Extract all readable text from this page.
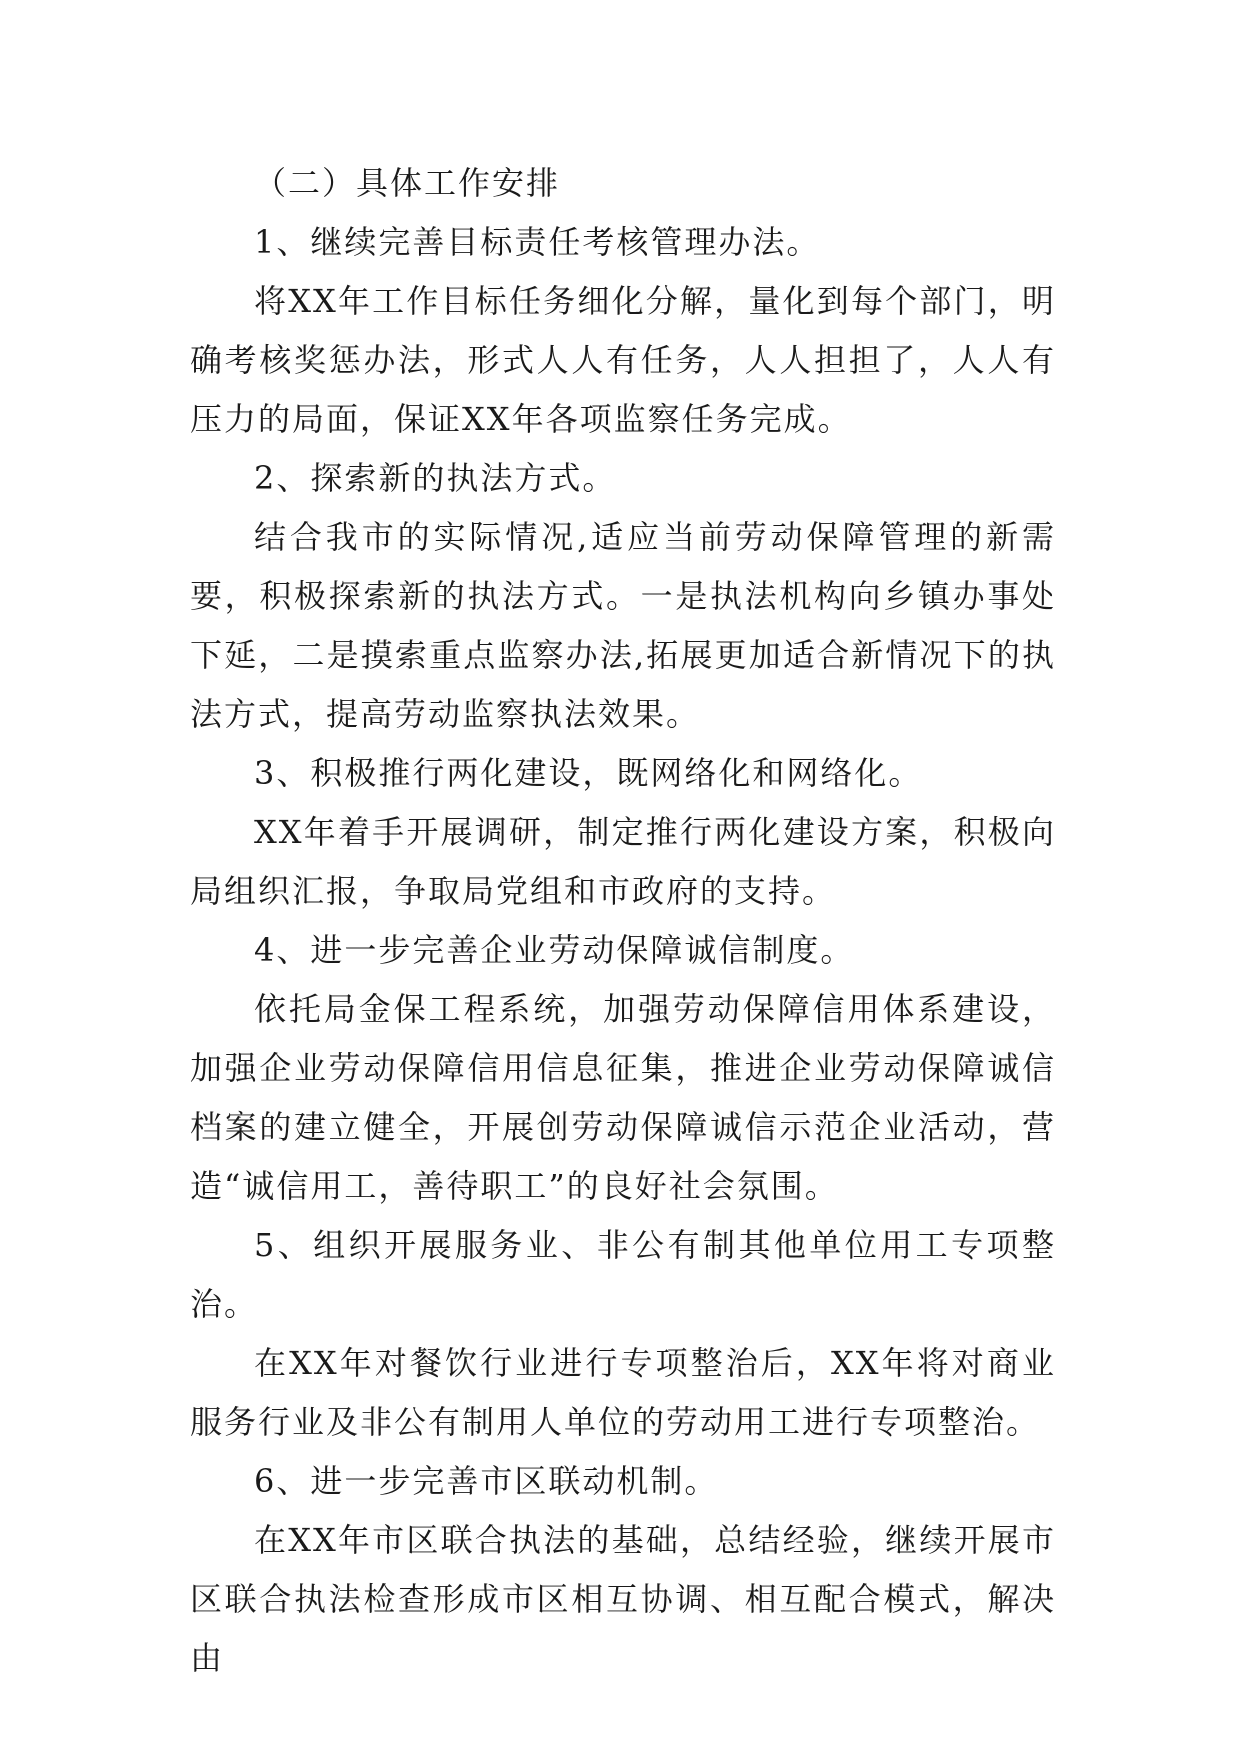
（二）具体工作安排

1、继续完善目标责任考核管理办法。

将XX年工作目标任务细化分解，量化到每个部门，明确考核奖惩办法，形式人人有任务，人人担担了，人人有压力的局面，保证XX年各项监察任务完成。

2、探索新的执法方式。

结合我市的实际情况,适应当前劳动保障管理的新需要，积极探索新的执法方式。一是执法机构向乡镇办事处下延，二是摸索重点监察办法,拓展更加适合新情况下的执法方式，提高劳动监察执法效果。

3、积极推行两化建设，既网络化和网络化。

XX年着手开展调研，制定推行两化建设方案，积极向局组织汇报，争取局党组和市政府的支持。

4、进一步完善企业劳动保障诚信制度。

依托局金保工程系统，加强劳动保障信用体系建设，加强企业劳动保障信用信息征集，推进企业劳动保障诚信档案的建立健全，开展创劳动保障诚信示范企业活动，营造“诚信用工，善待职工”的良好社会氛围。

5、组织开展服务业、非公有制其他单位用工专项整治。

在XX年对餐饮行业进行专项整治后，XX年将对商业服务行业及非公有制用人单位的劳动用工进行专项整治。

6、进一步完善市区联动机制。

在XX年市区联合执法的基础，总结经验，继续开展市区联合执法检查形成市区相互协调、相互配合模式，解决由
